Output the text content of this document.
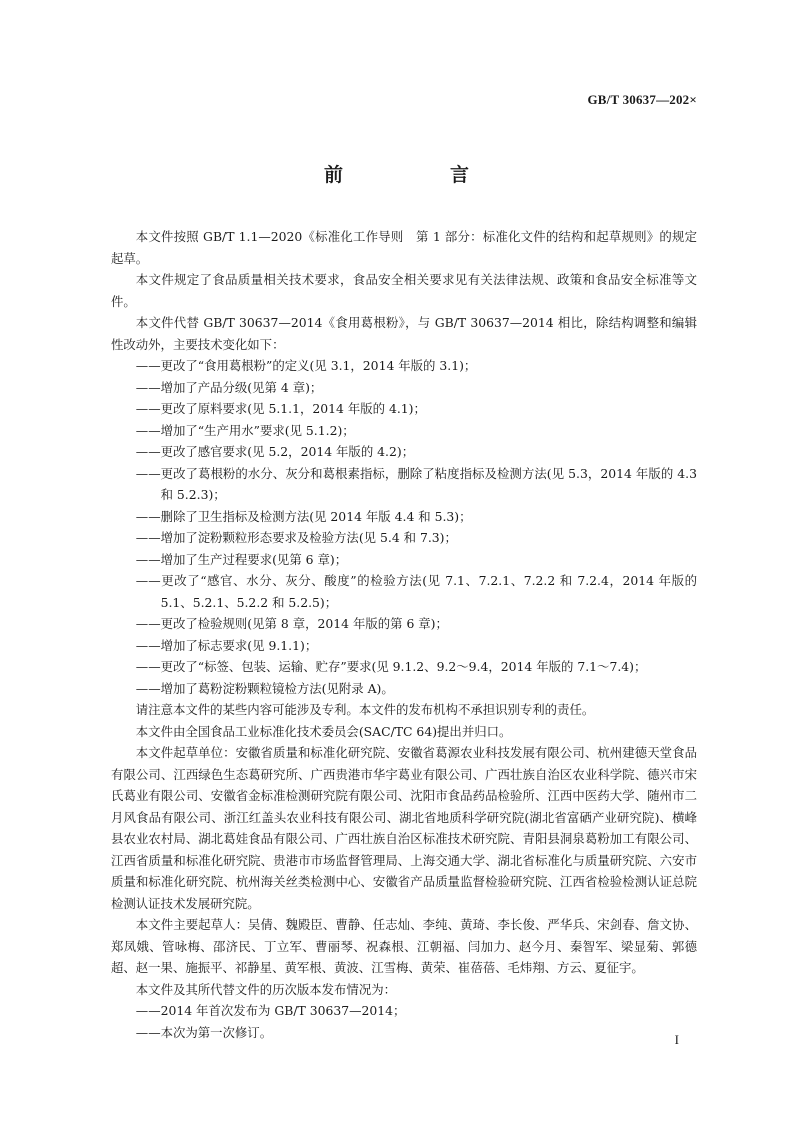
GB/T 30637—202×
前　言

本文件按照 GB/T 1.1—2020《标准化工作导则　第 1 部分：标准化文件的结构和起草规则》的规定起草。

本文件规定了食品质量相关技术要求，食品安全相关要求见有关法律法规、政策和食品安全标准等文件。

本文件代替 GB/T 30637—2014《食用葛根粉》，与 GB/T 30637—2014 相比，除结构调整和编辑性改动外，主要技术变化如下：

——更改了“食用葛根粉”的定义(见 3.1，2014 年版的 3.1)；

——增加了产品分级(见第 4 章)；

——更改了原料要求(见 5.1.1，2014 年版的 4.1)；

——增加了“生产用水”要求(见 5.1.2)；

——更改了感官要求(见 5.2，2014 年版的 4.2)；

——更改了葛根粉的水分、灰分和葛根素指标，删除了粘度指标及检测方法(见 5.3，2014 年版的 4.3 和 5.2.3)；

——删除了卫生指标及检测方法(见 2014 年版 4.4 和 5.3)；

——增加了淀粉颗粒形态要求及检验方法(见 5.4 和 7.3)；

——增加了生产过程要求(见第 6 章)；

——更改了“感官、水分、灰分、酸度”的检验方法(见 7.1、7.2.1、7.2.2 和 7.2.4，2014 年版的 5.1、5.2.1、5.2.2 和 5.2.5)；

——更改了检验规则(见第 8 章，2014 年版的第 6 章)；

——增加了标志要求(见 9.1.1)；

——更改了“标签、包装、运输、贮存”要求(见 9.1.2、9.2～9.4，2014 年版的 7.1～7.4)；

——增加了葛粉淀粉颗粒镜检方法(见附录 A)。

请注意本文件的某些内容可能涉及专利。本文件的发布机构不承担识别专利的责任。

本文件由全国食品工业标准化技术委员会(SAC/TC 64)提出并归口。

本文件起草单位：安徽省质量和标准化研究院、安徽省葛源农业科技发展有限公司、杭州建德天堂食品有限公司、江西绿色生态葛研究所、广西贵港市华宇葛业有限公司、广西壮族自治区农业科学院、德兴市宋氏葛业有限公司、安徽省金标准检测研究院有限公司、沈阳市食品药品检验所、江西中医药大学、随州市二月风食品有限公司、浙江红盖头农业科技有限公司、湖北省地质科学研究院(湖北省富硒产业研究院)、横峰县农业农村局、湖北葛娃食品有限公司、广西壮族自治区标准技术研究院、青阳县洞泉葛粉加工有限公司、江西省质量和标准化研究院、贵港市市场监督管理局、上海交通大学、湖北省标准化与质量研究院、六安市质量和标准化研究院、杭州海关丝类检测中心、安徽省产品质量监督检验研究院、江西省检验检测认证总院检测认证技术发展研究院。

本文件主要起草人：吴倩、魏殿臣、曹静、任志灿、李纯、黄琦、李长俊、严华兵、宋剑春、詹文协、郑凤娥、管咏梅、邵济民、丁立军、曹丽琴、祝森根、江朝福、闫加力、赵今月、秦智军、梁显菊、郭德超、赵一果、施振平、祁静星、黄军根、黄波、江雪梅、黄荣、崔蓓蓓、毛炜翔、方云、夏征宇。

本文件及其所代替文件的历次版本发布情况为：

——2014 年首次发布为 GB/T 30637—2014；

——本次为第一次修订。	I
